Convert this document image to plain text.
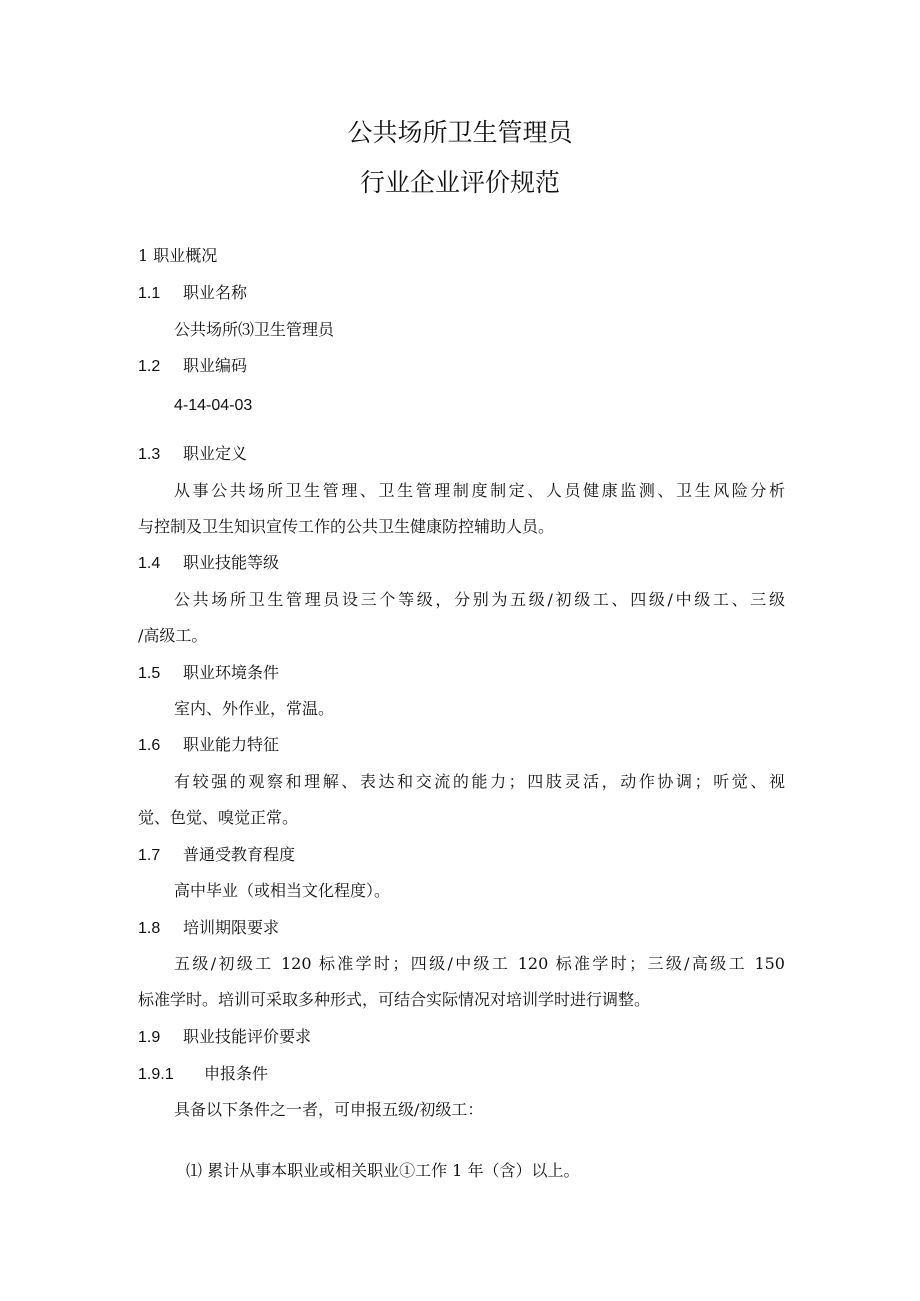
公共场所卫生管理员
行业企业评价规范
1 职业概况
1.1 职业名称
公共场所⑶卫生管理员
1.2 职业编码
4-14-04-03
1.3 职业定义
从事公共场所卫生管理、卫生管理制度制定、人员健康监测、卫生风险分析
与控制及卫生知识宣传工作的公共卫生健康防控辅助人员。
1.4 职业技能等级
公共场所卫生管理员设三个等级，分别为五级/初级工、四级/中级工、三级
/高级工。
1.5 职业环境条件
室内、外作业，常温。
1.6 职业能力特征
有较强的观察和理解、表达和交流的能力；四肢灵活，动作协调；听觉、视
觉、色觉、嗅觉正常。
1.7 普通受教育程度
高中毕业（或相当文化程度）。
1.8 培训期限要求
五级/初级工 120 标准学时；四级/中级工 120 标准学时；三级/高级工 150
标准学时。培训可采取多种形式，可结合实际情况对培训学时进行调整。
1.9 职业技能评价要求
1.9.1 申报条件
具备以下条件之一者，可申报五级/初级工：
⑴ 累计从事本职业或相关职业①工作 1 年（含）以上。
